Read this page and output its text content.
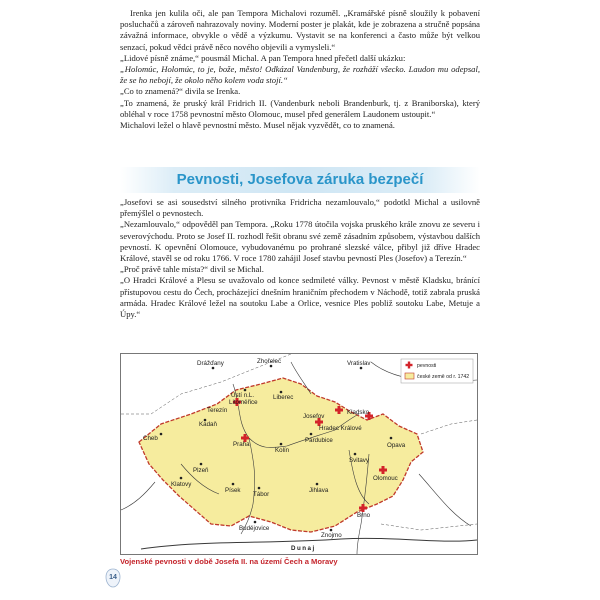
Irenka jen kulila oči, ale pan Tempora Michalovi rozuměl. „Kramářské písně sloužily k pobavení posluchačů a zároveň nahrazovaly noviny. Moderní poster je plakát, kde je zobrazena a stručně popsána závažná informace, obvykle o vědě a výzkumu. Vystavit se na konferenci a často může být velkou senzací, pokud vědci právě něco nového objevili a vymysleli.“

„Lidové písně známe,“ pousmál Michal. A pan Tempora hned přečetl další ukázku:

„Holomúc, Holomúc, to je, bože, město! Odkázal Vandenburg, že rozháží všecko. Laudon mu odepsal, že se ho nebojí, že okolo něho kolem voda stojí.“

„Co to znamená?“ divila se Irenka.

„To znamená, že pruský král Fridrich II. (Vandenburk neboli Brandenburk, tj. z Braniborska), který obléhal v roce 1758 pevnostní město Olomouc, musel před generálem Laudonem ustoupit.“

Michalovi ležel o hlavě pevnostní město. Musel nějak vyzvědět, co to znamená.

Pevnosti, Josefova záruka bezpečí

„Josefovi se asi sousedství silného protivníka Fridricha nezamlouvalo,“ podotkl Michal a usilovně přemýšlel o pevnostech.

„Nezamlouvalo,“ odpověděl pan Tempora. „Roku 1778 útočila vojska pruského krále znovu ze severu i severovýchodu. Proto se Josef II. rozhodl řešit obranu své země zásadním způsobem, výstavbou dalších pevností. K opevnění Olomouce, vybudovanému po prohrané slezské válce, přibyl již dříve Hradec Králové, stavěl se od roku 1766. V roce 1780 zahájil Josef stavbu pevností Ples (Josefov) a Terezín.“

„Proč právě tahle místa?“ divil se Michal.

„O Hradci Králové a Plesu se uvažovalo od konce sedmileté války. Pevnost v městě Kladsku, bránící přístupovou cestu do Čech, procházející dnešním hraničním přechodem v Náchodě, totiž zabrala pruská armáda. Hradec Králové ležel na soutoku Labe a Orlice, vesnice Ples pobliž soutoku Labe, Metuje a Úpy.“

pevnosti
české země od r. 1742
Drážďany	Zhořelec	Vratislav
Ústí n.L.
Litoměřice
Liberec
Terezín	Kladsko
Josefov
Kadaň
Hradec Králové
Cheb
Praha
Pardubice
Opava
Kolín
Svitavy
Plzeň
Olomouc
Klatovy
Písek
Tábor
Jihlava
Brno
Budějovice
Znojmo
Dunaj
Vojenské pevnosti v době Josefa II. na území Čech a Moravy
14
